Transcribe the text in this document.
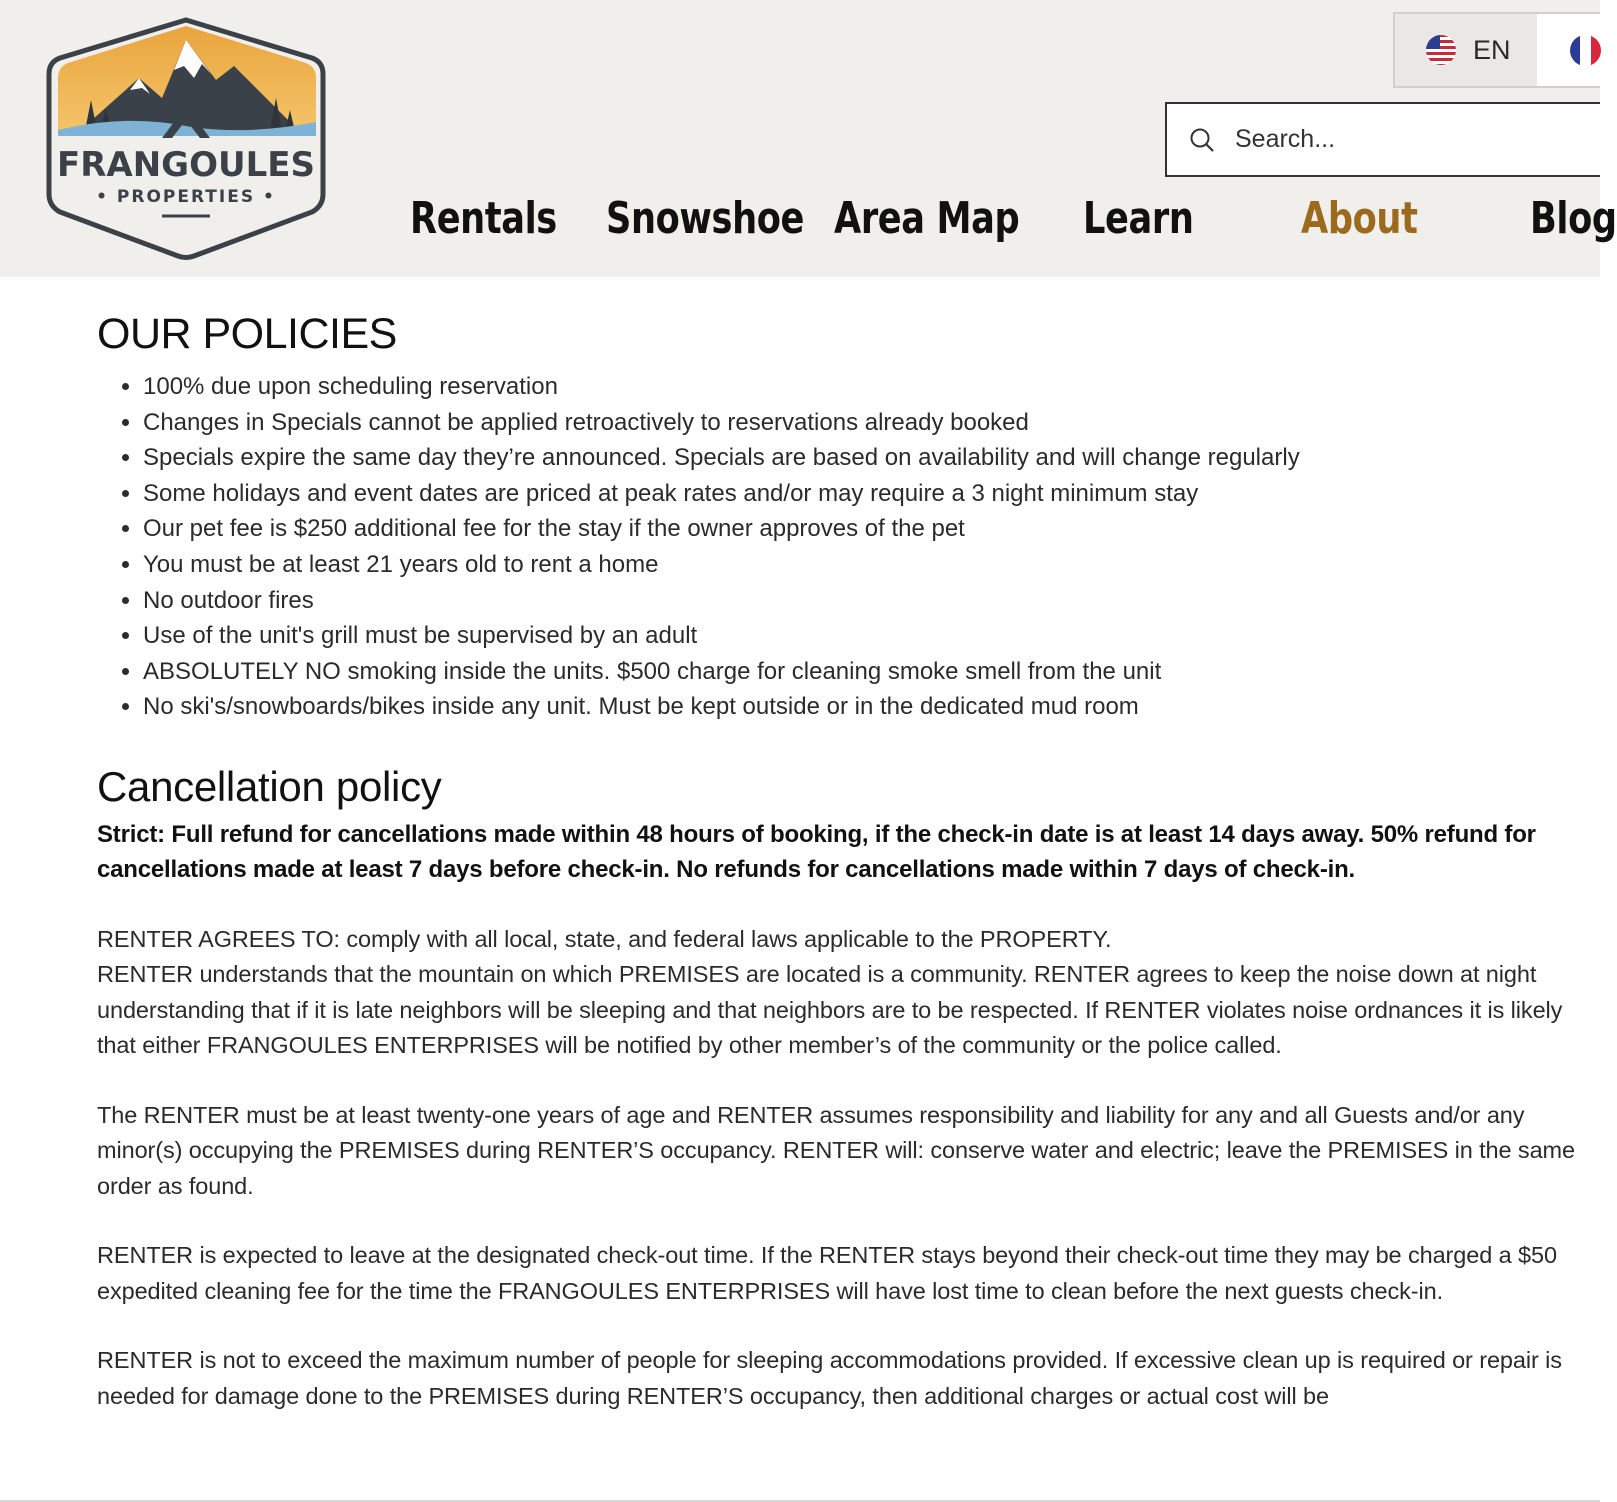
FRANGOULES
• PROPERTIES •
EN
Search...
Rentals Snowshoe Area Map Learn About	Blog
OUR POLICIES
• 100% due upon scheduling reservation
• Changes in Specials cannot be applied retroactively to reservations already booked
• Specials expire the same day they’re announced. Specials are based on availability and will change regularly
• Some holidays and event dates are priced at peak rates and/or may require a 3 night minimum stay
• Our pet fee is $250 additional fee for the stay if the owner approves of the pet
• You must be at least 21 years old to rent a home
• No outdoor fires
• Use of the unit's grill must be supervised by an adult
• ABSOLUTELY NO smoking inside the units. $500 charge for cleaning smoke smell from the unit
• No ski's/snowboards/bikes inside any unit. Must be kept outside or in the dedicated mud room
Cancellation policy

Strict: Full refund for cancellations made within 48 hours of booking, if the check-in date is at least 14 days away. 50% refund for cancellations made at least 7 days before check-in. No refunds for cancellations made within 7 days of check-in.

RENTER AGREES TO: comply with all local, state, and federal laws applicable to the PROPERTY.

RENTER understands that the mountain on which PREMISES are located is a community. RENTER agrees to keep the noise down at night understanding that if it is late neighbors will be sleeping and that neighbors are to be respected. If RENTER violates noise ordnances it is likely that either FRANGOULES ENTERPRISES will be notified by other member’s of the community or the police called.

The RENTER must be at least twenty-one years of age and RENTER assumes responsibility and liability for any and all Guests and/or any minor(s) occupying the PREMISES during RENTER’S occupancy. RENTER will: conserve water and electric; leave the PREMISES in the same order as found.

RENTER is expected to leave at the designated check-out time. If the RENTER stays beyond their check-out time they may be charged a $50 expedited cleaning fee for the time the FRANGOULES ENTERPRISES will have lost time to clean before the next guests check-in.

RENTER is not to exceed the maximum number of people for sleeping accommodations provided. If excessive clean up is required or repair is needed for damage done to the PREMISES during RENTER’S occupancy, then additional charges or actual cost will be
